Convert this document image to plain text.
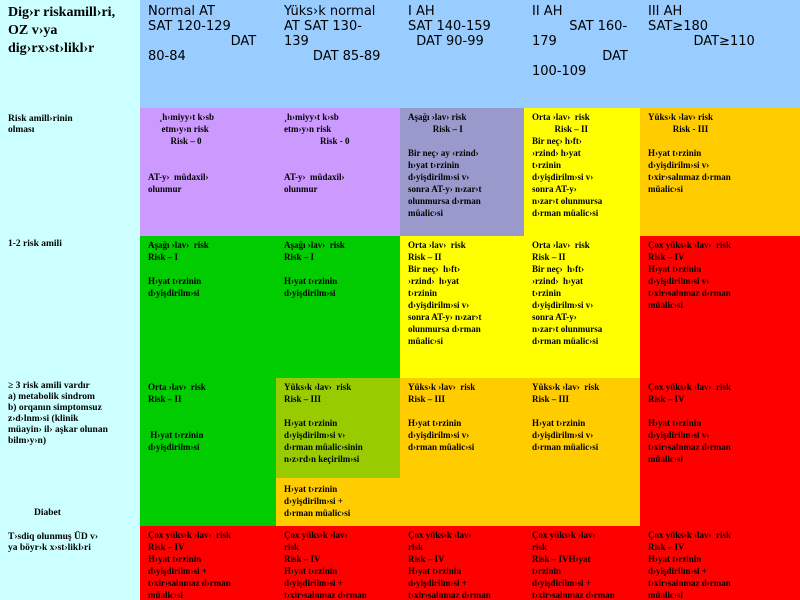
Dig›r riskamill›ri, OZ v›ya dig›rx›st›likl›r
Normal AT
SAT 120-129
DAT
80-84
Yüks›k normal
AT SAT 130-
139
DAT 85-89
I AH
SAT 140-159
DAT 90-99
II AH
SAT 160-
179
DAT
100-109
III AH
SAT≥180
DAT≥110
Risk amill›rinin
olması
¸h›miyy›t k›sb
etm›y›n risk
Risk – 0
AT-y›  müdaxil›
olunmur
¸h›miyy›t k›sb
etm›y›n risk
Risk - 0
AT-y›  müdaxil›
olunmur
Aşağı ›lav› risk
Risk – I
Bir neç› ay ›rzind›
h›yat t›rzinin
d›yişdirilm›si v›
sonra AT-y› n›zar›t
olunmursa d›rman
müalic›si
Orta ›lav›  risk
Risk – II
Bir neç› h›ft›
›rzind› h›yat
t›rzinin
d›yişdirilm›si v›
sonra AT-y›
n›zar›t olunmursa
d›rman müalic›si
Yüks›k ›lav› risk
Risk - III
H›yat t›rzinin
d›yişdirilm›si v›
t›xir›salnmaz d›rman
müalic›si
1-2 risk amili	Aşağı ›lav›  risk
Risk – I
H›yat t›rzinin
d›yişdirilm›si
Aşağı ›lav›  risk
Risk – I
H›yat t›rzinin
d›yişdirilm›si
Orta ›lav›  risk
Risk – II
Bir neç›  h›ft›
›rzind›  h›yat
t›rzinin
d›yişdirilm›si v›
sonra AT-y› n›zar›t
olunmursa d›rman
müalic›si
Orta ›lav›  risk
Risk – II
Bir neç›  h›ft›
›rzind›  h›yat
t›rzinin
d›yişdirilm›si v›
sonra AT-y›
n›zar›t olunmursa
d›rman müalic›si
Çox yüks›k ›lav›  risk
Risk – IV
H›yat t›rzinin
d›yişdirilm›si v›
t›xir›salnmaz d›rman
müalic›si
≥ 3 risk amili vardır
a) metabolik sindrom
b) orqanın simptomsuz
z›d›lnm›si (klinik
müayin› il› aşkar olunan
bilm›y›n)
Diabet
Orta ›lav›  risk
Risk – II
H›yat t›rzinin
d›yişdirilm›si
Yüks›k ›lav›  risk
Risk – III
H›yat t›rzinin
d›yişdirilm›si v›
d›rman müalic›sinin
n›z›rd›n keçirilm›si
H›yat t›rzinin
d›yişdirilm›si +
d›rman müalic›si
Yüks›k ›lav›  risk
Risk – III
H›yat t›rzinin
d›yişdirilm›si v›
d›rman müalic›si
Yüks›k ›lav›  risk
Risk – III
H›yat t›rzinin
d›yişdirilm›si v›
d›rman müalic›si
Çox yüks›k ›lav›  risk
Risk – IV
H›yat t›rzinin
d›yişdirilm›si v›
t›xir›salnmaz d›rman
müalic›si
T›sdiq olunmuş ÜD v›
ya böyr›k x›st›likl›ri
Çox yüks›k ›lav›  risk
Risk – IV
H›yat t›rzinin
d›yişdirilm›si +
t›xir›salnmaz d›rman
müalic›si
Çox yüks›k ›lav›
risk
Risk – IV
H›yat t›rzinin
d›yişdirilm›si +
t›xir›salnmaz d›rman
Çox yüks›k ›lav›
risk
Risk – IV
H›yat t›rzinin
d›yişdirilm›si +
t›xir›salnmaz d›rman
Çox yüks›k ›lav›
risk
Risk – IVH›yat
t›rzinin
d›yişdirilm›si +
t›xir›salnmaz d›rman
Çox yüks›k ›lav›  risk
Risk – IV
H›yat t›rzinin
d›yişdirilm›si +
t›xir›salnmaz d›rman
müalic›si
